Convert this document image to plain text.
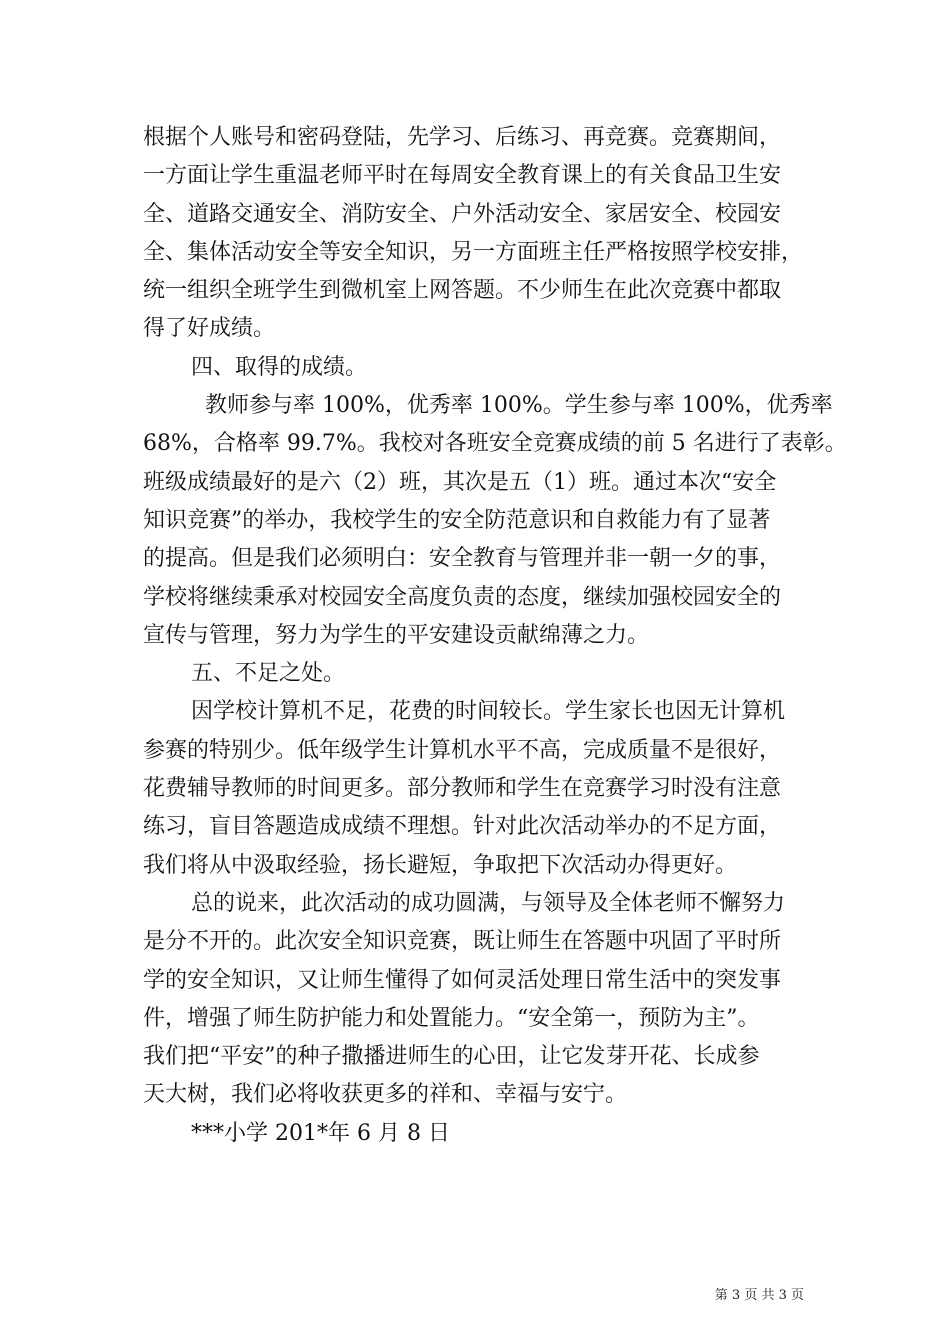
根据个人账号和密码登陆，先学习、后练习、再竞赛。竞赛期间，
一方面让学生重温老师平时在每周安全教育课上的有关食品卫生安
全、道路交通安全、消防安全、户外活动安全、家居安全、校园安
全、集体活动安全等安全知识，另一方面班主任严格按照学校安排，
统一组织全班学生到微机室上网答题。不少师生在此次竞赛中都取
得了好成绩。
四、取得的成绩。
教师参与率 100%，优秀率 100%。学生参与率 100%，优秀率
68%，合格率 99.7%。我校对各班安全竞赛成绩的前 5 名进行了表彰。
班级成绩最好的是六（2）班，其次是五（1）班。通过本次“安全
知识竞赛”的举办，我校学生的安全防范意识和自救能力有了显著
的提高。但是我们必须明白：安全教育与管理并非一朝一夕的事，
学校将继续秉承对校园安全高度负责的态度，继续加强校园安全的
宣传与管理，努力为学生的平安建设贡献绵薄之力。
五、不足之处。
因学校计算机不足，花费的时间较长。学生家长也因无计算机
参赛的特别少。低年级学生计算机水平不高，完成质量不是很好，
花费辅导教师的时间更多。部分教师和学生在竞赛学习时没有注意
练习，盲目答题造成成绩不理想。针对此次活动举办的不足方面，
我们将从中汲取经验，扬长避短，争取把下次活动办得更好。
总的说来，此次活动的成功圆满，与领导及全体老师不懈努力
是分不开的。此次安全知识竞赛，既让师生在答题中巩固了平时所
学的安全知识，又让师生懂得了如何灵活处理日常生活中的突发事
件，增强了师生防护能力和处置能力。“安全第一，预防为主”。
我们把“平安”的种子撒播进师生的心田，让它发芽开花、长成参
天大树，我们必将收获更多的祥和、幸福与安宁。
***小学 201*年 6 月 8 日
第 3 页 共 3 页
